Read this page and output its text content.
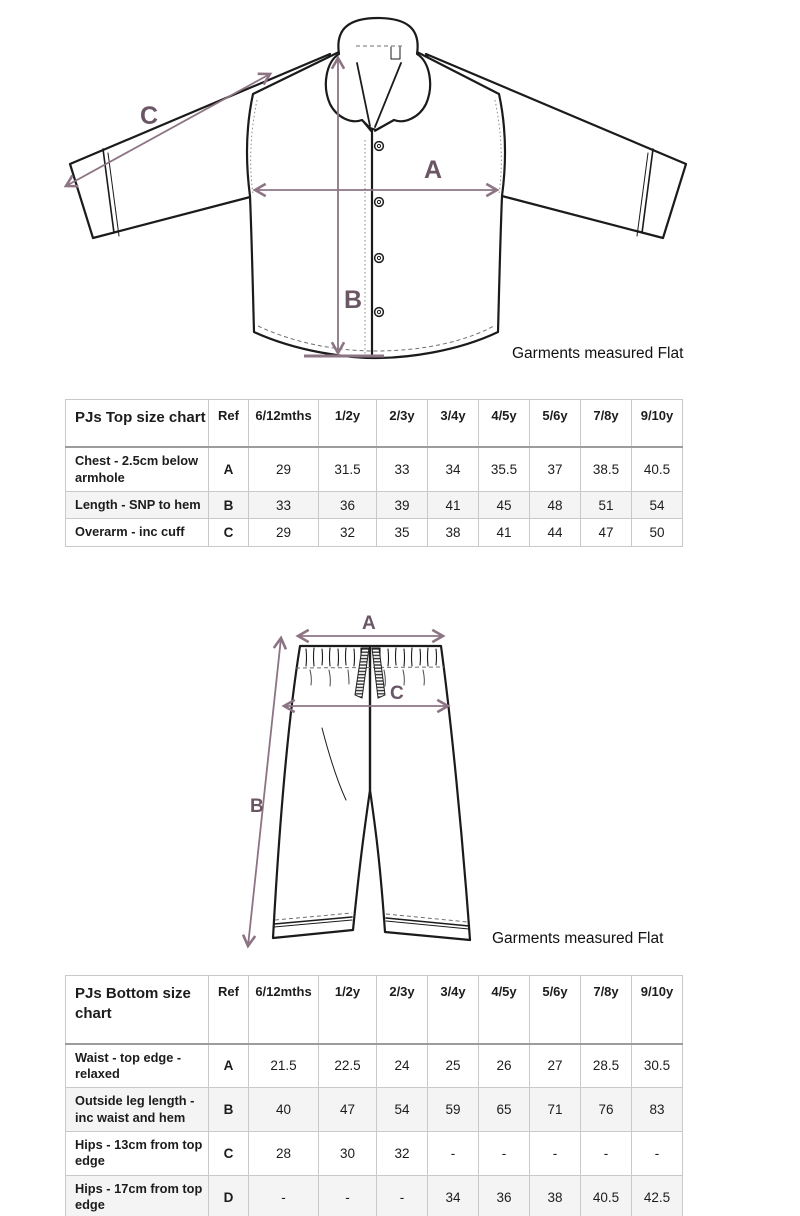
A
B
C
Garments measured Flat
PJs Top size chart	Ref	6/12mths	1/2y	2/3y	3/4y	4/5y	5/6y	7/8y	9/10y
Chest - 2.5cm below armhole	A	29	31.5	33	34	35.5	37	38.5	40.5
Length - SNP to hem	B	33	36	39	41	45	48	51	54
Overarm - inc cuff	C	29	32	35	38	41	44	47	50
A
B
C
Garments measured Flat
PJs Bottom size chart	Ref	6/12mths	1/2y	2/3y	3/4y	4/5y	5/6y	7/8y	9/10y
Waist - top edge - relaxed	A	21.5	22.5	24	25	26	27	28.5	30.5
Outside leg length - inc waist and hem	B	40	47	54	59	65	71	76	83
Hips - 13cm from top edge	C	28	30	32	-	-	-	-	-
Hips - 17cm from top edge	D	-	-	-	34	36	38	40.5	42.5
